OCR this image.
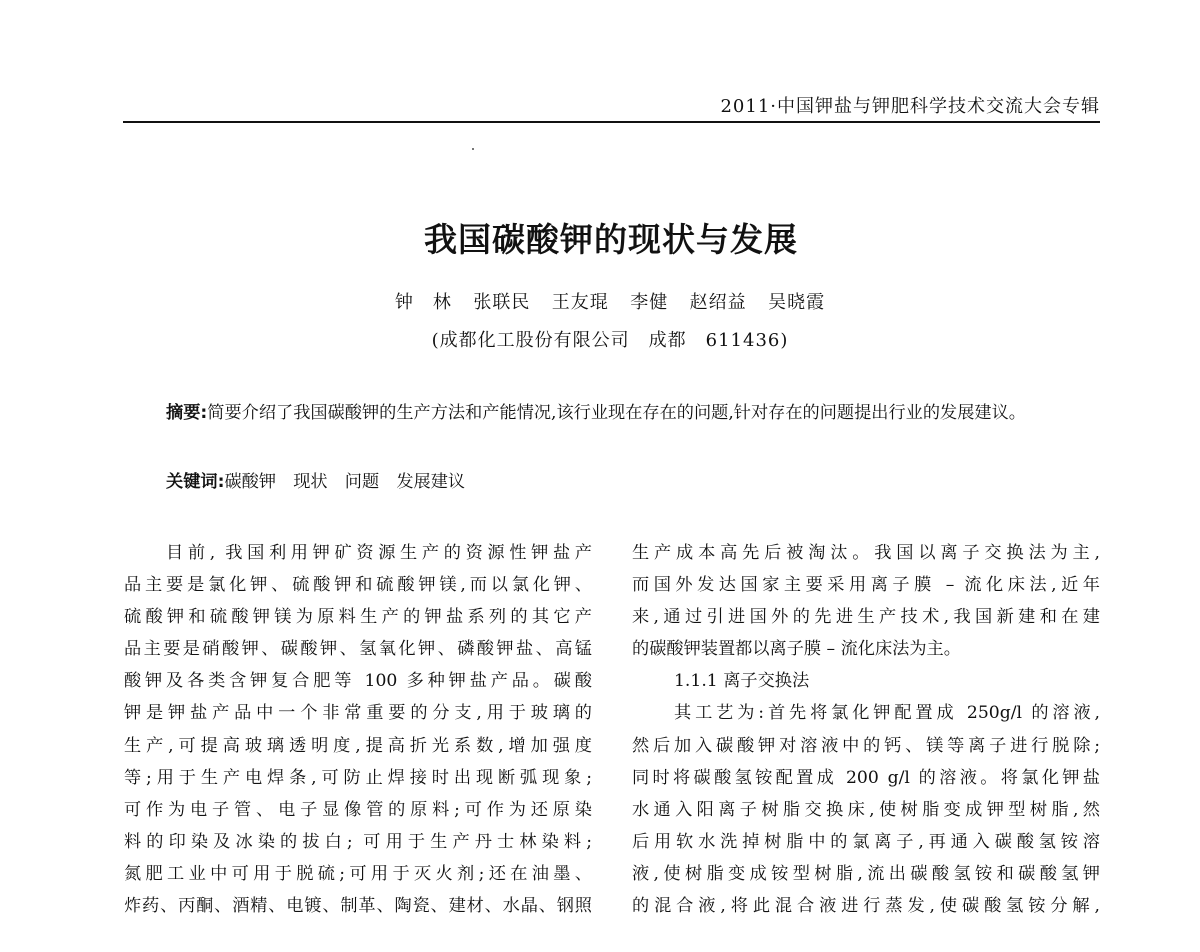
2011·中国钾盐与钾肥科学技术交流大会专辑
我国碳酸钾的现状与发展
钟　林  张联民  王友琨  李健  赵绍益  吴晓霞
(成都化工股份有限公司　成都　611436)
摘要:简要介绍了我国碳酸钾的生产方法和产能情况,该行业现在存在的问题,针对存在的问题提出行业的发展建议。
关键词:碳酸钾　现状　问题　发展建议
目前, 我国利用钾矿资源生产的资源性钾盐产
品主要是氯化钾、硫酸钾和硫酸钾镁,而以氯化钾、
硫酸钾和硫酸钾镁为原料生产的钾盐系列的其它产
品主要是硝酸钾、碳酸钾、氢氧化钾、磷酸钾盐、高锰
酸钾及各类含钾复合肥等 100 多种钾盐产品。碳酸
钾是钾盐产品中一个非常重要的分支,用于玻璃的
生产,可提高玻璃透明度,提高折光系数,增加强度
等;用于生产电焊条,可防止焊接时出现断弧现象;
可作为电子管、电子显像管的原料;可作为还原染
料的印染及冰染的拔白; 可用于生产丹士林染料;
氮肥工业中可用于脱硫;可用于灭火剂;还在油墨、
炸药、丙酮、酒精、电镀、制革、陶瓷、建材、水晶、钢照
生产成本高先后被淘汰。我国以离子交换法为主,
而国外发达国家主要采用离子膜 – 流化床法,近年
来,通过引进国外的先进生产技术,我国新建和在建
的碳酸钾装置都以离子膜 – 流化床法为主。
1.1.1 离子交换法
其工艺为:首先将氯化钾配置成 250g/l 的溶液,
然后加入碳酸钾对溶液中的钙、镁等离子进行脱除;
同时将碳酸氢铵配置成 200 g/l 的溶液。将氯化钾盐
水通入阳离子树脂交换床,使树脂变成钾型树脂,然
后用软水洗掉树脂中的氯离子,再通入碳酸氢铵溶
液,使树脂变成铵型树脂,流出碳酸氢铵和碳酸氢钾
的混合液,将此混合液进行蒸发,使碳酸氢铵分解,
